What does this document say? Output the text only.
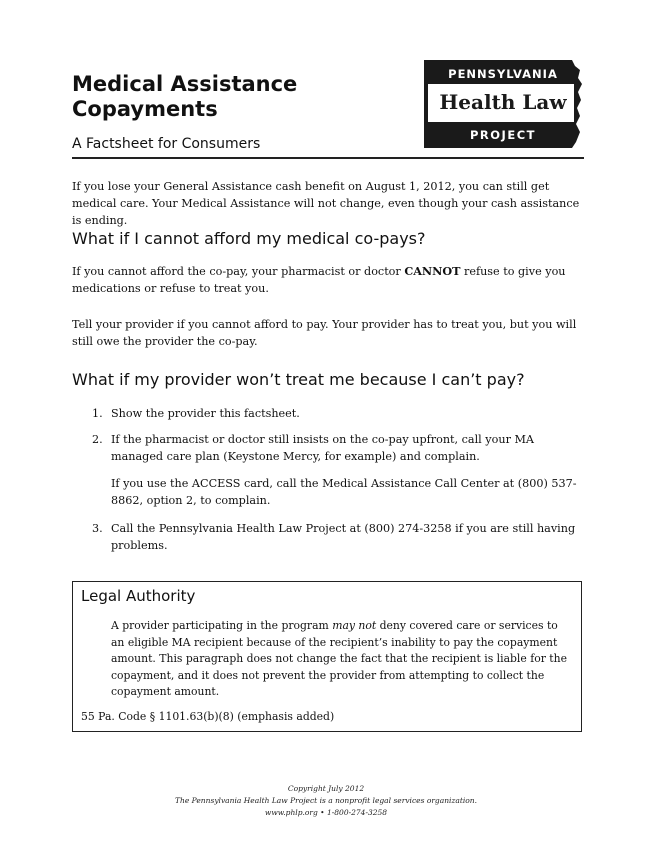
Medical Assistance
Copayments
A Factsheet for Consumers
PENNSYLVANIA
Health Law
PROJECT
If you lose your General Assistance cash benefit on August 1, 2012, you can still get medical care. Your Medical Assistance will not change, even though your cash assistance is ending.
What if I cannot afford my medical co-pays?
If you cannot afford the co-pay, your pharmacist or doctor CANNOT refuse to give you medications or refuse to treat you.
Tell your provider if you cannot afford to pay. Your provider has to treat you, but you will still owe the provider the co-pay.
What if my provider won’t treat me because I can’t pay?
1. Show the provider this factsheet.
2. If the pharmacist or doctor still insists on the co-pay upfront, call your MA managed care plan (Keystone Mercy, for example) and complain.
If you use the ACCESS card, call the Medical Assistance Call Center at (800) 537-8862, option 2, to complain.
3. Call the Pennsylvania Health Law Project at (800) 274-3258 if you are still having problems.
Legal Authority
A provider participating in the program may not deny covered care or services to an eligible MA recipient because of the recipient’s inability to pay the copayment amount. This paragraph does not change the fact that the recipient is liable for the copayment, and it does not prevent the provider from attempting to collect the copayment amount.
55 Pa. Code § 1101.63(b)(8) (emphasis added)
Copyright July 2012
The Pennsylvania Health Law Project is a nonprofit legal services organization.
www.phlp.org • 1-800-274-3258
